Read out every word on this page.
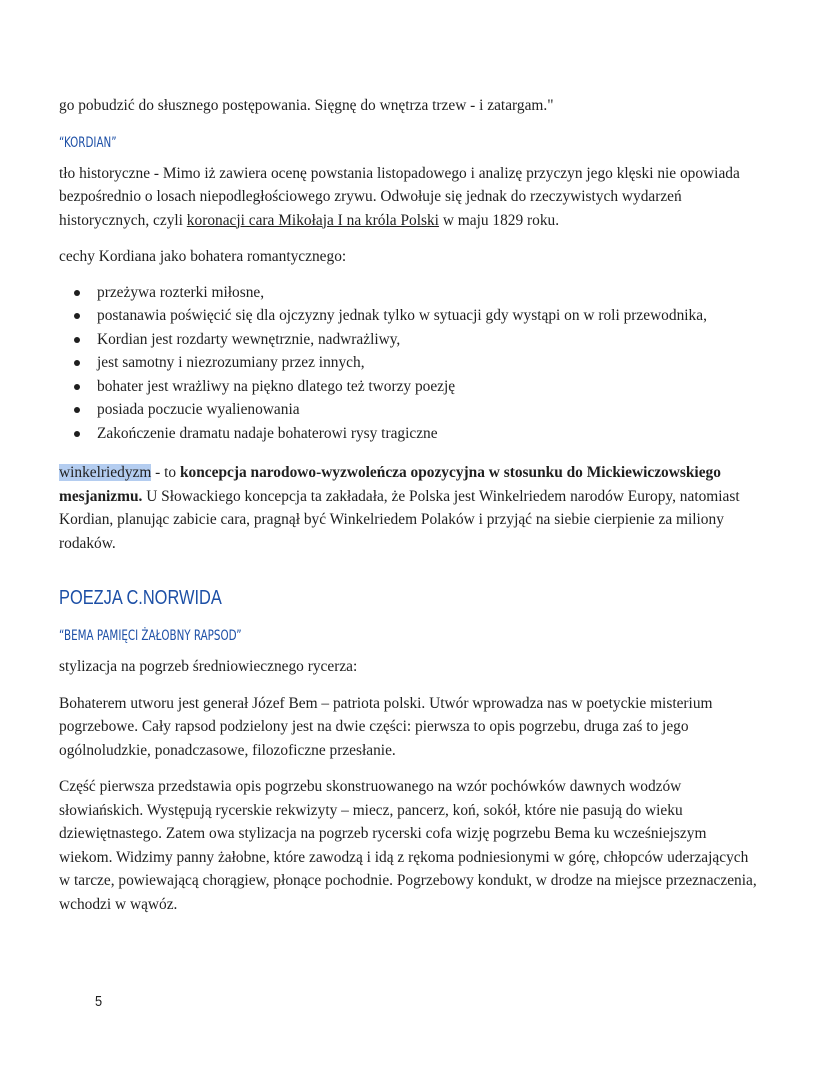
go pobudzić do słusznego postępowania. Sięgnę do wnętrza trzew - i zatargam."

“KORDIAN”

tło historyczne - Mimo iż zawiera ocenę powstania listopadowego i analizę przyczyn jego klęski nie opowiada bezpośrednio o losach niepodległościowego zrywu. Odwołuje się jednak do rzeczywistych wydarzeń historycznych, czyli koronacji cara Mikołaja I na króla Polski w maju 1829 roku.

cechy Kordiana jako bohatera romantycznego:

przeżywa rozterki miłosne,
postanawia poświęcić się dla ojczyzny jednak tylko w sytuacji gdy wystąpi on w roli przewodnika,
Kordian jest rozdarty wewnętrznie, nadwrażliwy,
jest samotny i niezrozumiany przez innych,
bohater jest wrażliwy na piękno dlatego też tworzy poezję
posiada poczucie wyalienowania
Zakończenie dramatu nadaje bohaterowi rysy tragiczne

winkelriedyzm - to koncepcja narodowo-wyzwoleńcza opozycyjna w stosunku do Mickiewiczowskiego mesjanizmu. U Słowackiego koncepcja ta zakładała, że Polska jest Winkelriedem narodów Europy, natomiast Kordian, planując zabicie cara, pragnął być Winkelriedem Polaków i przyjąć na siebie cierpienie za miliony rodaków.

POEZJA C.NORWIDA
“BEMA PAMIĘCI ŻAŁOBNY RAPSOD”

stylizacja na pogrzeb średniowiecznego rycerza:

Bohaterem utworu jest generał Józef Bem – patriota polski. Utwór wprowadza nas w poetyckie misterium pogrzebowe. Cały rapsod podzielony jest na dwie części: pierwsza to opis pogrzebu, druga zaś to jego ogólnoludzkie, ponadczasowe, filozoficzne przesłanie.

Część pierwsza przedstawia opis pogrzebu skonstruowanego na wzór pochówków dawnych wodzów słowiańskich. Występują rycerskie rekwizyty – miecz, pancerz, koń, sokół, które nie pasują do wieku dziewiętnastego. Zatem owa stylizacja na pogrzeb rycerski cofa wizję pogrzebu Bema ku wcześniejszym wiekom. Widzimy panny żałobne, które zawodzą i idą z rękoma podniesionymi w górę, chłopców uderzających w tarcze, powiewającą chorągiew, płonące pochodnie. Pogrzebowy kondukt, w drodze na miejsce przeznaczenia, wchodzi w wąwóz.

5
